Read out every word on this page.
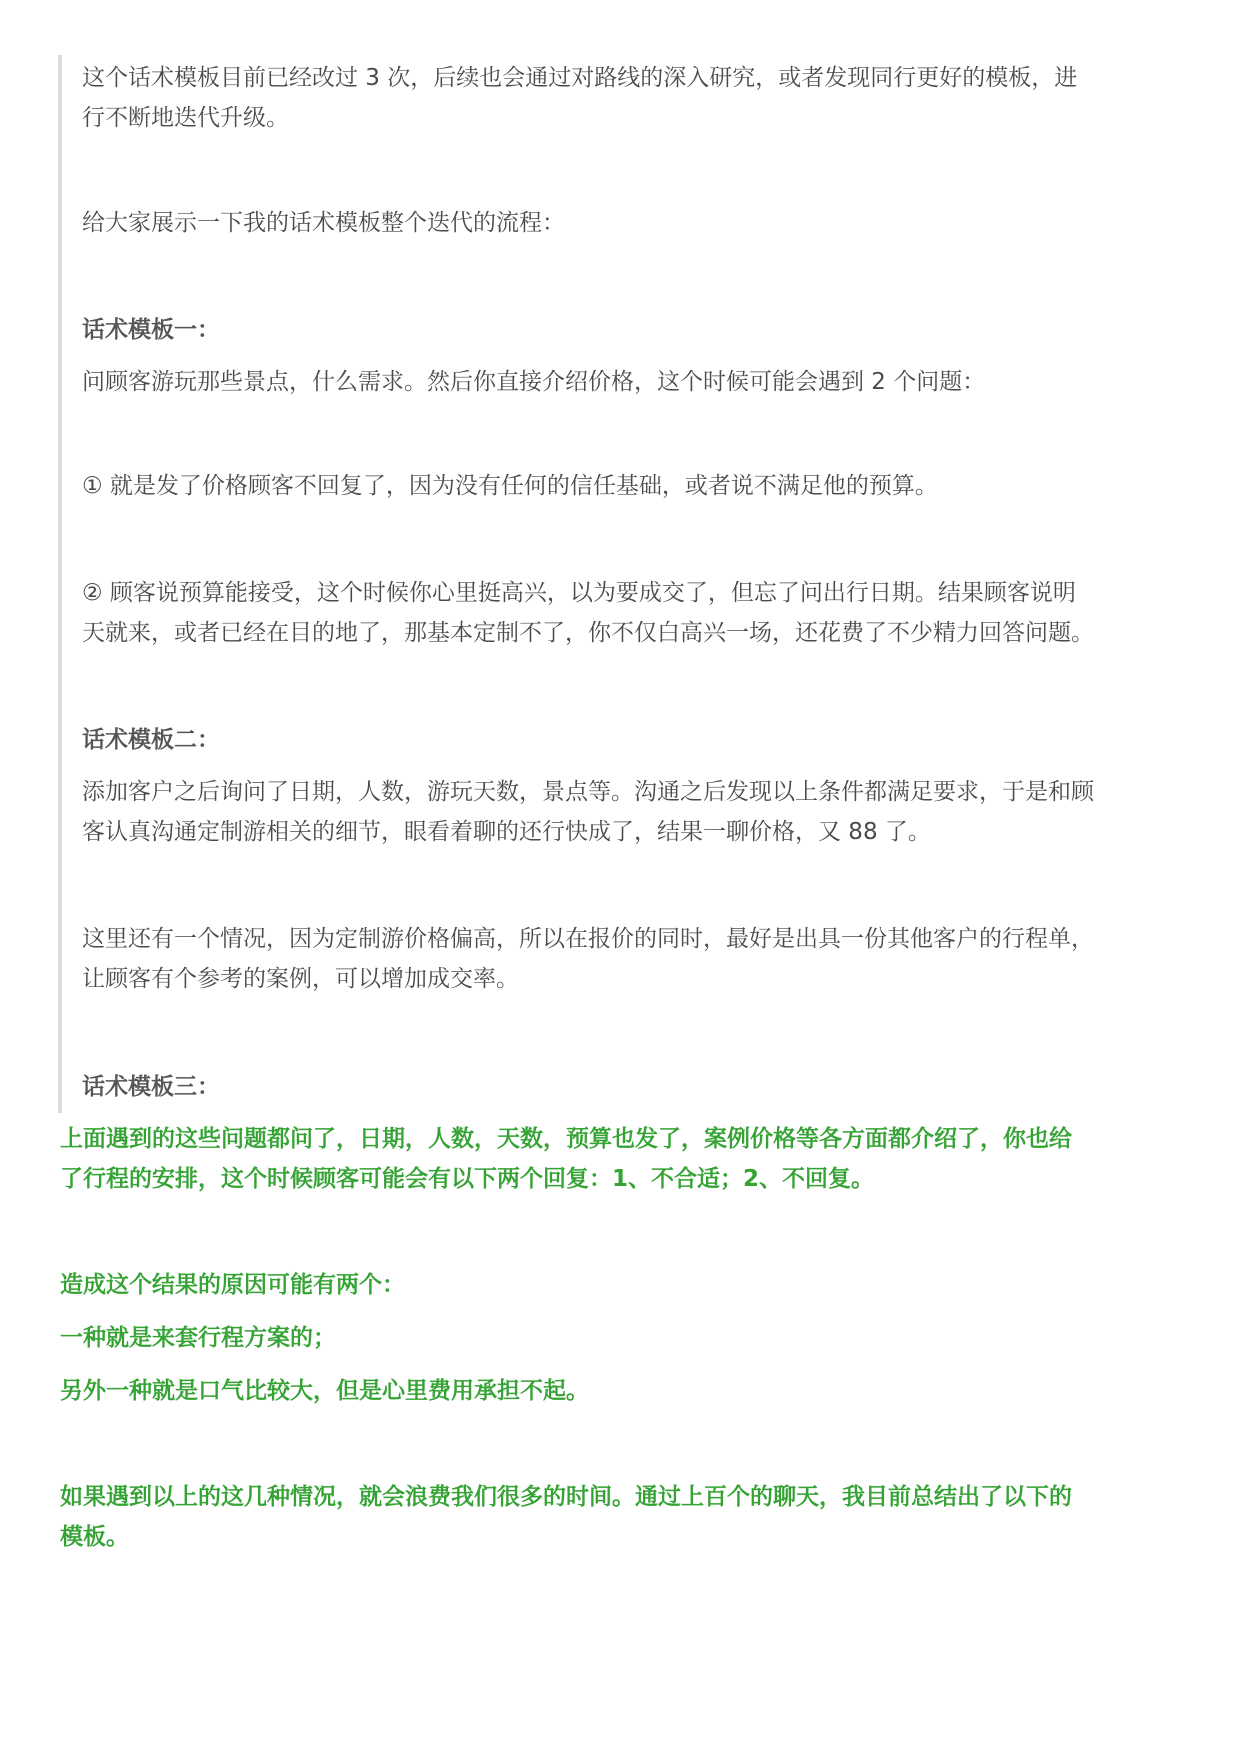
这个话术模板目前已经改过 3 次，后续也会通过对路线的深入研究，或者发现同行更好的模板，进
行不断地迭代升级。
给大家展示一下我的话术模板整个迭代的流程：
话术模板一：
问顾客游玩那些景点，什么需求。然后你直接介绍价格，这个时候可能会遇到 2 个问题：
① 就是发了价格顾客不回复了，因为没有任何的信任基础，或者说不满足他的预算。
② 顾客说预算能接受，这个时候你心里挺高兴，以为要成交了，但忘了问出行日期。结果顾客说明
天就来，或者已经在目的地了，那基本定制不了，你不仅白高兴一场，还花费了不少精力回答问题。
话术模板二：
添加客户之后询问了日期，人数，游玩天数，景点等。沟通之后发现以上条件都满足要求，于是和顾
客认真沟通定制游相关的细节，眼看着聊的还行快成了，结果一聊价格，又 88 了。
这里还有一个情况，因为定制游价格偏高，所以在报价的同时，最好是出具一份其他客户的行程单，
让顾客有个参考的案例，可以增加成交率。
话术模板三：
上面遇到的这些问题都问了，日期，人数，天数，预算也发了，案例价格等各方面都介绍了，你也给
了行程的安排，这个时候顾客可能会有以下两个回复：1、不合适；2、不回复。
造成这个结果的原因可能有两个：
一种就是来套行程方案的；
另外一种就是口气比较大，但是心里费用承担不起。
如果遇到以上的这几种情况，就会浪费我们很多的时间。通过上百个的聊天，我目前总结出了以下的
模板。
